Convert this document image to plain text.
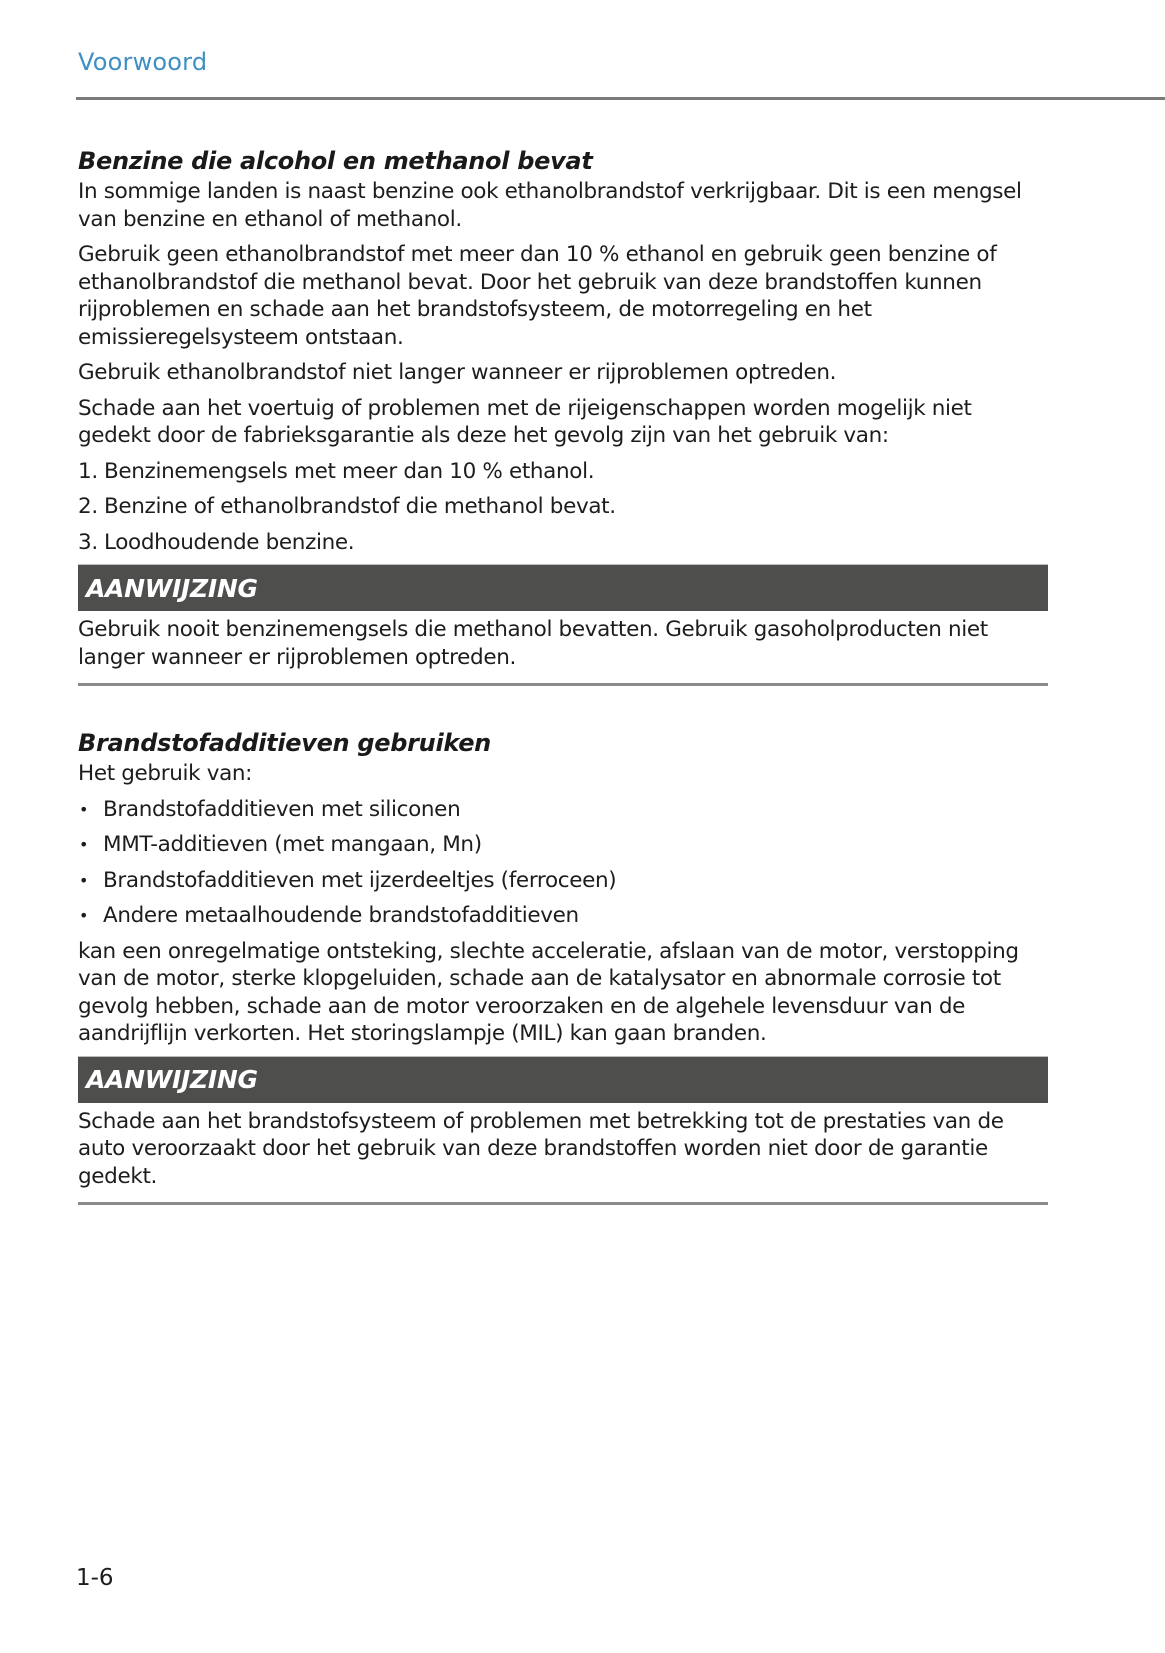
Voorwoord
Benzine die alcohol en methanol bevat

In sommige landen is naast benzine ook ethanolbrandstof verkrijgbaar. Dit is een mengsel van benzine en ethanol of methanol.

Gebruik geen ethanolbrandstof met meer dan 10 % ethanol en gebruik geen benzine of ethanolbrandstof die methanol bevat. Door het gebruik van deze brandstoffen kunnen rijproblemen en schade aan het brandstofsysteem, de motorregeling en het emissieregelsysteem ontstaan.

Gebruik ethanolbrandstof niet langer wanneer er rijproblemen optreden.

Schade aan het voertuig of problemen met de rijeigenschappen worden mogelijk niet gedekt door de fabrieksgarantie als deze het gevolg zijn van het gebruik van:

1. Benzinemengsels met meer dan 10 % ethanol.
2. Benzine of ethanolbrandstof die methanol bevat.
3. Loodhoudende benzine.
AANWIJZING

Gebruik nooit benzinemengsels die methanol bevatten. Gebruik gasoholproducten niet langer wanneer er rijproblemen optreden.

Brandstofadditieven gebruiken

Het gebruik van:

• Brandstofadditieven met siliconen
• MMT-additieven (met mangaan, Mn)
• Brandstofadditieven met ijzerdeeltjes (ferroceen)
• Andere metaalhoudende brandstofadditieven

kan een onregelmatige ontsteking, slechte acceleratie, afslaan van de motor, verstopping van de motor, sterke klopgeluiden, schade aan de katalysator en abnormale corrosie tot gevolg hebben, schade aan de motor veroorzaken en de algehele levensduur van de aandrijflijn verkorten. Het storingslampje (MIL) kan gaan branden.

AANWIJZING

Schade aan het brandstofsysteem of problemen met betrekking tot de prestaties van de auto veroorzaakt door het gebruik van deze brandstoffen worden niet door de garantie gedekt.

1-6
